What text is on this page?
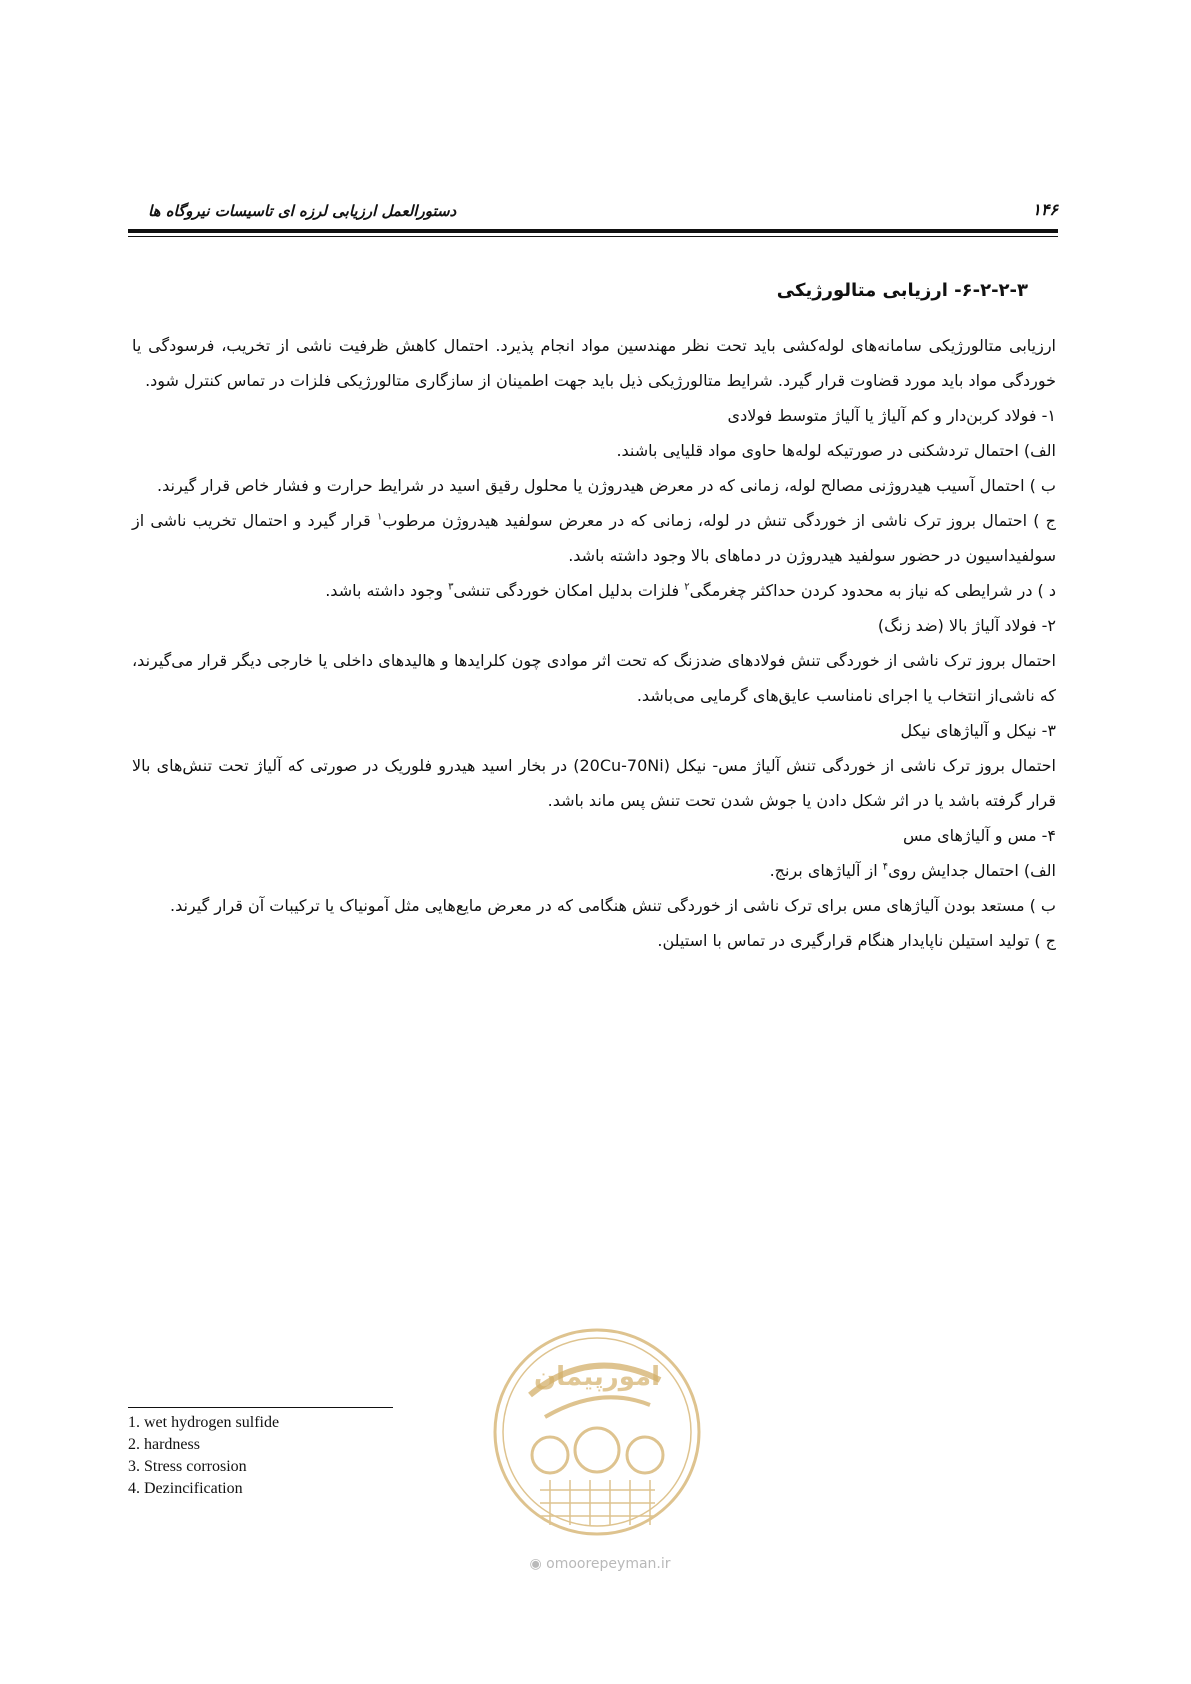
۱۴۶
دستورالعمل ارزیابی لرزه ای تاسیسات نیروگاه ها
۶-۲-۲-۳- ارزیابی متالورژیکی

ارزیابی متالورژیکی سامانه‌های لوله‌کشی باید تحت نظر مهندسین مواد انجام پذیرد. احتمال کاهش ظرفیت ناشی از تخریب، فرسودگی یا خوردگی مواد باید مورد قضاوت قرار گیرد. شرایط متالورژیکی ذیل باید جهت اطمینان از سازگاری متالورژیکی فلزات در تماس کنترل شود.

۱- فولاد کربن‌دار و کم آلیاژ یا آلیاژ متوسط فولادی

الف) احتمال تردشکنی در صورتیکه لوله‌ها حاوی مواد قلیایی باشند.

ب ) احتمال آسیب هیدروژنی مصالح لوله، زمانی که در معرض هیدروژن یا محلول رقیق اسید در شرایط حرارت و فشار خاص قرار گیرند.

ج ) احتمال بروز ترک ناشی از خوردگی تنش در لوله، زمانی که در معرض سولفید هیدروژن مرطوب$^۱$ قرار گیرد و احتمال تخریب ناشی از سولفیداسیون در حضور سولفید هیدروژن در دماهای بالا وجود داشته باشد.

د ) در شرایطی که نیاز به محدود کردن حداکثر چغرمگی$^۲$ فلزات بدلیل امکان خوردگی تنشی$^۳$ وجود داشته باشد.

۲- فولاد آلیاژ بالا (ضد زنگ)

احتمال بروز ترک ناشی از خوردگی تنش فولادهای ضدزنگ که تحت اثر موادی چون کلرایدها و هالیدهای داخلی یا خارجی دیگر قرار می‌گیرند، که ناشی‌از انتخاب یا اجرای نامناسب عایق‌های گرمایی می‌باشد.

۳- نیکل و آلیاژهای نیکل

احتمال بروز ترک ناشی از خوردگی تنش آلیاژ مس- نیکل (20Cu-70Ni) در بخار اسید هیدرو فلوریک در صورتی که آلیاژ تحت تنش‌های بالا قرار گرفته باشد یا در اثر شکل دادن یا جوش شدن تحت تنش پس ماند باشد.

۴- مس و آلیاژهای مس

الف) احتمال جدایش روی$^۴$ از آلیاژهای برنج.

ب ) مستعد بودن آلیاژهای مس برای ترک ناشی از خوردگی تنش هنگامی که در معرض مایع‌هایی مثل آمونیاک یا ترکیبات آن قرار گیرند.

ج ) تولید استیلن ناپایدار هنگام قرارگیری در تماس با استیلن.

1. wet hydrogen sulfide
2. hardness
3. Stress corrosion
4. Dezincification
امورپیمان
◉ omoorepeyman.ir
